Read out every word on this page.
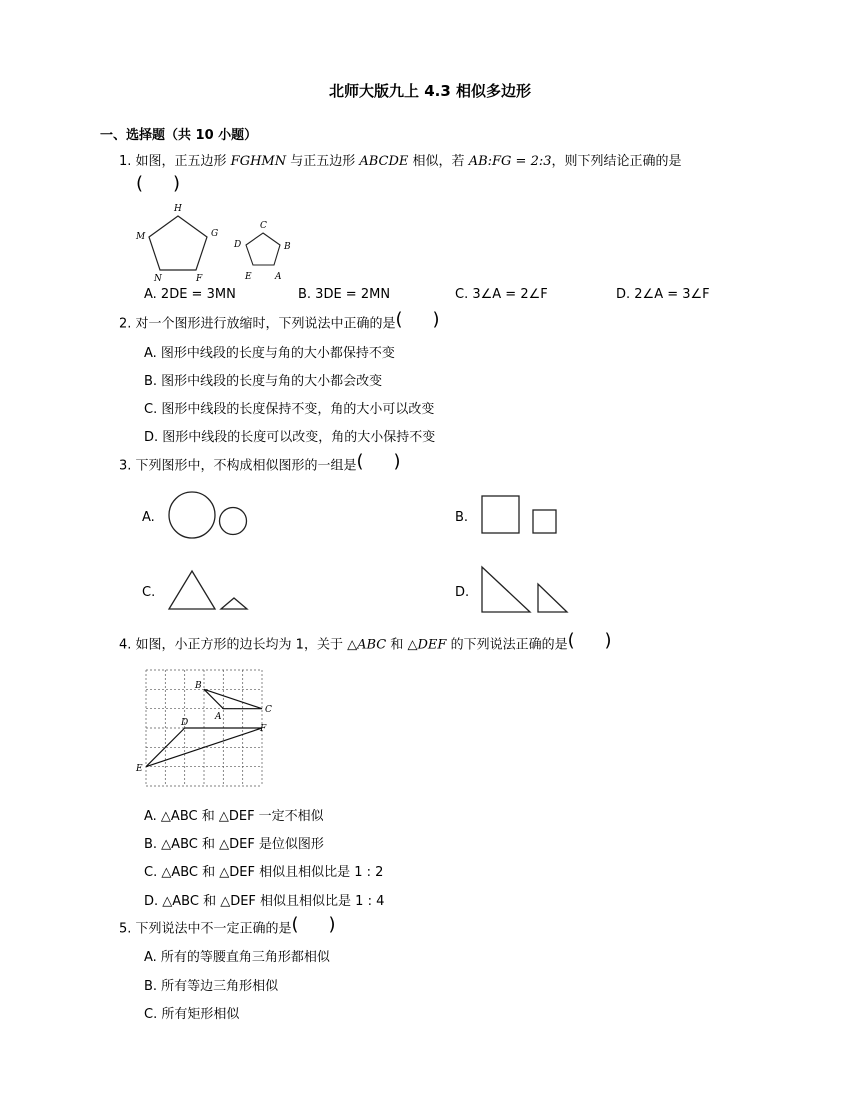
北师大版九上 4.3 相似多边形
一、选择题（共 10 小题）
1. 如图，正五边形 FGHMN 与正五边形 ABCDE 相似，若 AB:FG = 2:3，则下列结论正确的是
( )
H
G
M
N	F
C
D	B
E	A
A. 2DE = 3MN	B. 3DE = 2MN	C. 3∠A = 2∠F	D. 2∠A = 3∠F
2. 对一个图形进行放缩时，下列说法中正确的是( )
A. 图形中线段的长度与角的大小都保持不变
B. 图形中线段的长度与角的大小都会改变
C. 图形中线段的长度保持不变，角的大小可以改变
D. 图形中线段的长度可以改变，角的大小保持不变
3. 下列图形中，不构成相似图形的一组是( )
A.	B.
C.	D.
4. 如图，小正方形的边长均为 1，关于 △ABC 和 △DEF 的下列说法正确的是( )
B
C
A
D
F
E
A. △ABC 和 △DEF 一定不相似
B. △ABC 和 △DEF 是位似图形
C. △ABC 和 △DEF 相似且相似比是 1 : 2
D. △ABC 和 △DEF 相似且相似比是 1 : 4
5. 下列说法中不一定正确的是( )
A. 所有的等腰直角三角形都相似
B. 所有等边三角形相似
C. 所有矩形相似
